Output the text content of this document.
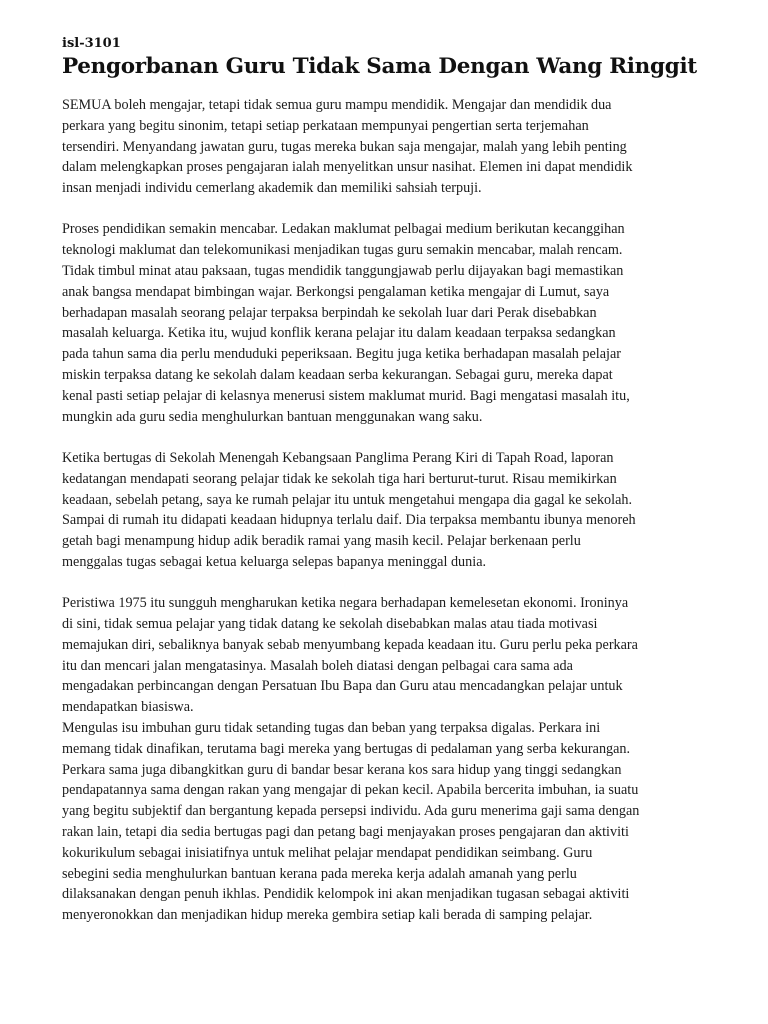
isl-3101
Pengorbanan Guru Tidak Sama Dengan Wang Ringgit
SEMUA boleh mengajar, tetapi tidak semua guru mampu mendidik. Mengajar dan mendidik dua
perkara yang begitu sinonim, tetapi setiap perkataan mempunyai pengertian serta terjemahan
tersendiri. Menyandang jawatan guru, tugas mereka bukan saja mengajar, malah yang lebih penting
dalam melengkapkan proses pengajaran ialah menyelitkan unsur nasihat. Elemen ini dapat mendidik
insan menjadi individu cemerlang akademik dan memiliki sahsiah terpuji.
Proses pendidikan semakin mencabar. Ledakan maklumat pelbagai medium berikutan kecanggihan
teknologi maklumat dan telekomunikasi menjadikan tugas guru semakin mencabar, malah rencam.
Tidak timbul minat atau paksaan, tugas mendidik tanggungjawab perlu dijayakan bagi memastikan
anak bangsa mendapat bimbingan wajar. Berkongsi pengalaman ketika mengajar di Lumut, saya
berhadapan masalah seorang pelajar terpaksa berpindah ke sekolah luar dari Perak disebabkan
masalah keluarga. Ketika itu, wujud konflik kerana pelajar itu dalam keadaan terpaksa sedangkan
pada tahun sama dia perlu menduduki peperiksaan. Begitu juga ketika berhadapan masalah pelajar
miskin terpaksa datang ke sekolah dalam keadaan serba kekurangan. Sebagai guru, mereka dapat
kenal pasti setiap pelajar di kelasnya menerusi sistem maklumat murid. Bagi mengatasi masalah itu,
mungkin ada guru sedia menghulurkan bantuan menggunakan wang saku.
Ketika bertugas di Sekolah Menengah Kebangsaan Panglima Perang Kiri di Tapah Road, laporan
kedatangan mendapati seorang pelajar tidak ke sekolah tiga hari berturut-turut. Risau memikirkan
keadaan, sebelah petang, saya ke rumah pelajar itu untuk mengetahui mengapa dia gagal ke sekolah.
Sampai di rumah itu didapati keadaan hidupnya terlalu daif. Dia terpaksa membantu ibunya menoreh
getah bagi menampung hidup adik beradik ramai yang masih kecil. Pelajar berkenaan perlu
menggalas tugas sebagai ketua keluarga selepas bapanya meninggal dunia.
Peristiwa 1975 itu sungguh mengharukan ketika negara berhadapan kemelesetan ekonomi. Ironinya
di sini, tidak semua pelajar yang tidak datang ke sekolah disebabkan malas atau tiada motivasi
memajukan diri, sebaliknya banyak sebab menyumbang kepada keadaan itu. Guru perlu peka perkara
itu dan mencari jalan mengatasinya. Masalah boleh diatasi dengan pelbagai cara sama ada
mengadakan perbincangan dengan Persatuan Ibu Bapa dan Guru atau mencadangkan pelajar untuk
mendapatkan biasiswa.
Mengulas isu imbuhan guru tidak setanding tugas dan beban yang terpaksa digalas. Perkara ini
memang tidak dinafikan, terutama bagi mereka yang bertugas di pedalaman yang serba kekurangan.
Perkara sama juga dibangkitkan guru di bandar besar kerana kos sara hidup yang tinggi sedangkan
pendapatannya sama dengan rakan yang mengajar di pekan kecil. Apabila bercerita imbuhan, ia suatu
yang begitu subjektif dan bergantung kepada persepsi individu. Ada guru menerima gaji sama dengan
rakan lain, tetapi dia sedia bertugas pagi dan petang bagi menjayakan proses pengajaran dan aktiviti
kokurikulum sebagai inisiatifnya untuk melihat pelajar mendapat pendidikan seimbang. Guru
sebegini sedia menghulurkan bantuan kerana pada mereka kerja adalah amanah yang perlu
dilaksanakan dengan penuh ikhlas. Pendidik kelompok ini akan menjadikan tugasan sebagai aktiviti
menyeronokkan dan menjadikan hidup mereka gembira setiap kali berada di samping pelajar.
